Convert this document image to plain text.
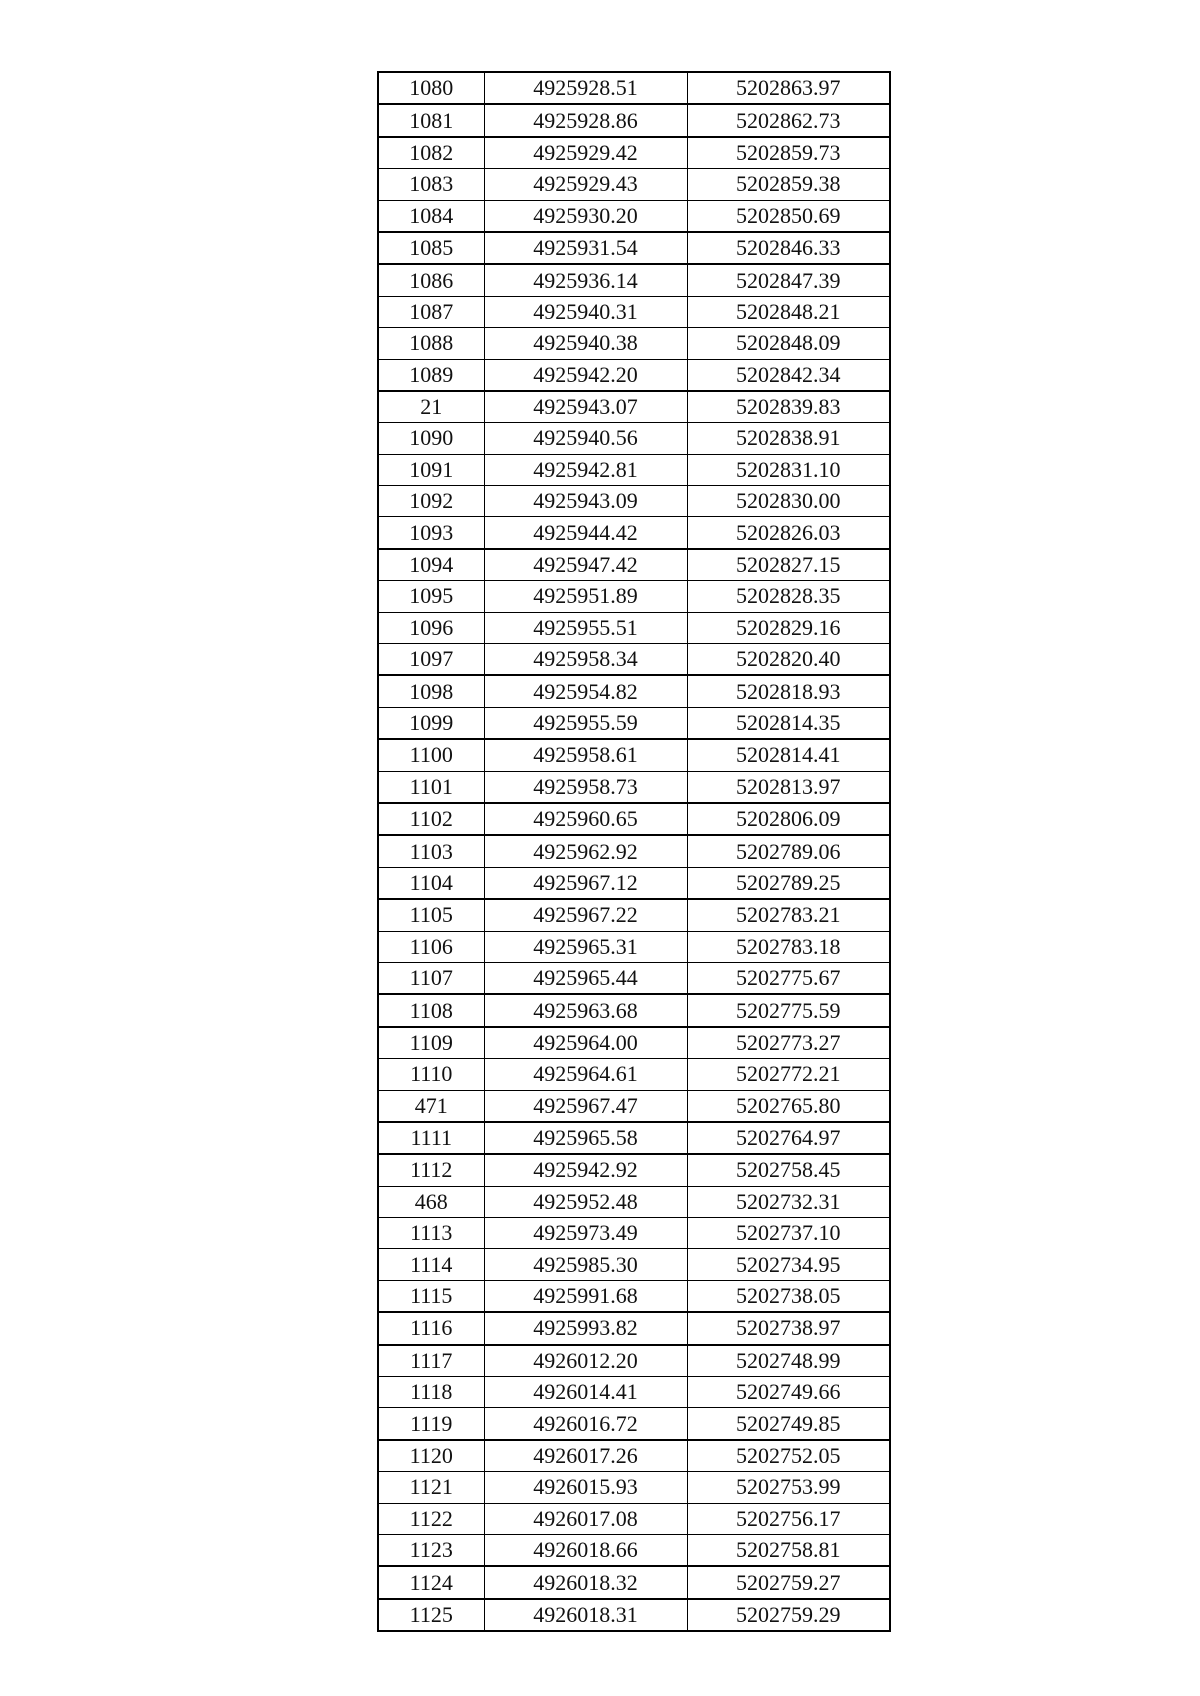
1080	4925928.51	5202863.97
1081	4925928.86	5202862.73
1082	4925929.42	5202859.73
1083	4925929.43	5202859.38
1084	4925930.20	5202850.69
1085	4925931.54	5202846.33
1086	4925936.14	5202847.39
1087	4925940.31	5202848.21
1088	4925940.38	5202848.09
1089	4925942.20	5202842.34
21	4925943.07	5202839.83
1090	4925940.56	5202838.91
1091	4925942.81	5202831.10
1092	4925943.09	5202830.00
1093	4925944.42	5202826.03
1094	4925947.42	5202827.15
1095	4925951.89	5202828.35
1096	4925955.51	5202829.16
1097	4925958.34	5202820.40
1098	4925954.82	5202818.93
1099	4925955.59	5202814.35
1100	4925958.61	5202814.41
1101	4925958.73	5202813.97
1102	4925960.65	5202806.09
1103	4925962.92	5202789.06
1104	4925967.12	5202789.25
1105	4925967.22	5202783.21
1106	4925965.31	5202783.18
1107	4925965.44	5202775.67
1108	4925963.68	5202775.59
1109	4925964.00	5202773.27
1110	4925964.61	5202772.21
471	4925967.47	5202765.80
1111	4925965.58	5202764.97
1112	4925942.92	5202758.45
468	4925952.48	5202732.31
1113	4925973.49	5202737.10
1114	4925985.30	5202734.95
1115	4925991.68	5202738.05
1116	4925993.82	5202738.97
1117	4926012.20	5202748.99
1118	4926014.41	5202749.66
1119	4926016.72	5202749.85
1120	4926017.26	5202752.05
1121	4926015.93	5202753.99
1122	4926017.08	5202756.17
1123	4926018.66	5202758.81
1124	4926018.32	5202759.27
1125	4926018.31	5202759.29
